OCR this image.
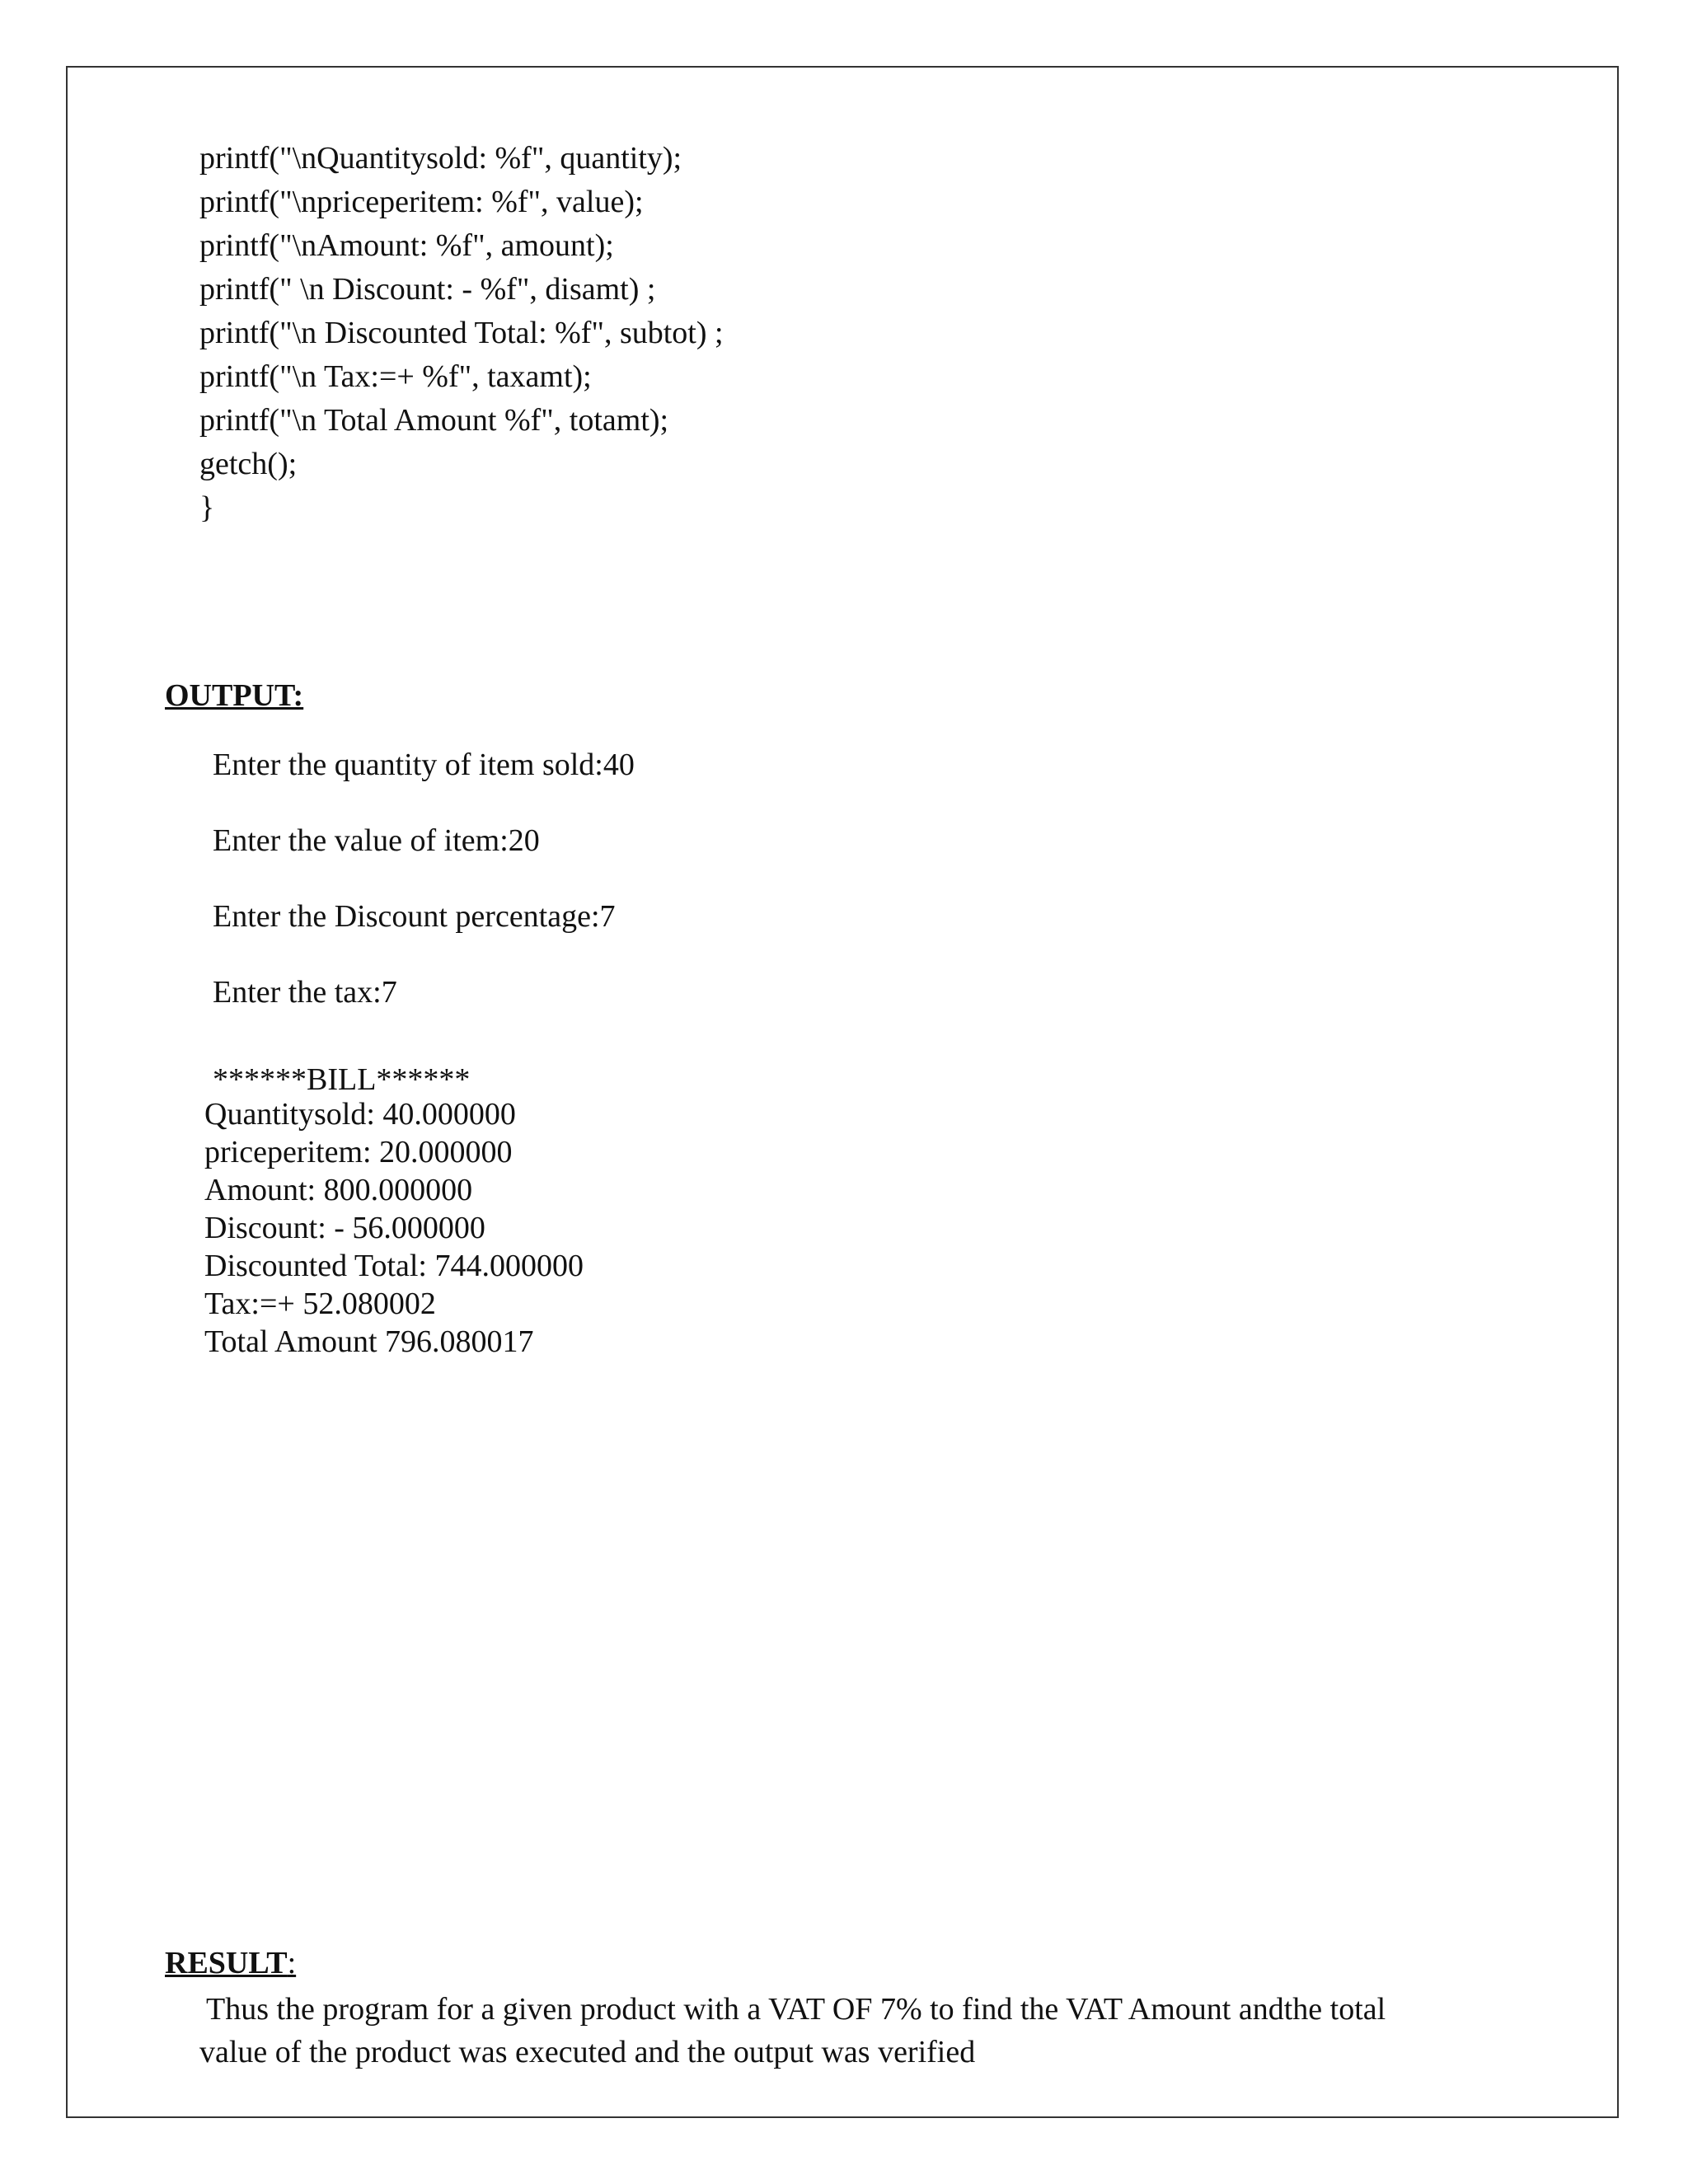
printf("\nQuantitysold: %f", quantity);
printf("\npriceperitem: %f", value);
printf("\nAmount: %f", amount);
printf(" \n Discount: - %f", disamt) ;
printf("\n Discounted Total: %f", subtot) ;
printf("\n Tax:=+ %f", taxamt);
printf("\n Total Amount %f", totamt);
getch();
}
OUTPUT:
Enter the quantity of item sold:40
Enter the value of item:20
Enter the Discount percentage:7
Enter the tax:7
******BILL******
Quantitysold: 40.000000
priceperitem: 20.000000
Amount: 800.000000
Discount: - 56.000000
Discounted Total: 744.000000
Tax:=+ 52.080002
Total Amount 796.080017
RESULT:
Thus the program for a given product with a VAT OF 7% to find the VAT Amount andthe total
value of the product was executed and the output was verified
